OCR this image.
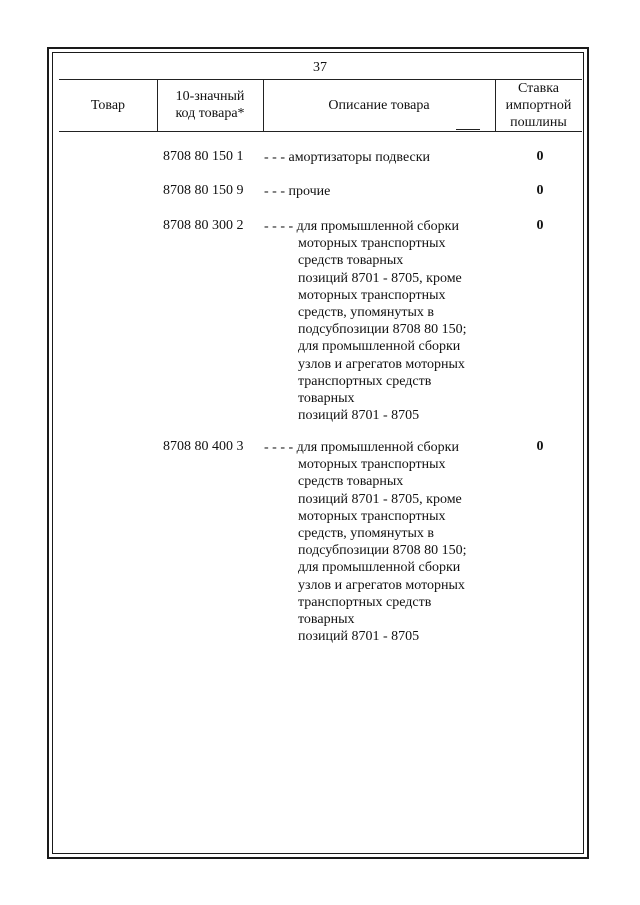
37
Товар
10-значный
код товара*
Описание товара
Ставка
импортной
пошлины
8708 80 150 1 - - - амортизаторы подвески	0
8708 80 150 9 - - - прочие	0
8708 80 300 2 - - - - для промышленной сборки
моторных транспортных
средств товарных
позиций 8701 - 8705, кроме
моторных транспортных
средств, упомянутых в
подсубпозиции 8708 80 150;
для промышленной сборки
узлов и агрегатов моторных
транспортных средств
товарных
позиций 8701 - 8705
0
8708 80 400 3 - - - - для промышленной сборки
моторных транспортных
средств товарных
позиций 8701 - 8705, кроме
моторных транспортных
средств, упомянутых в
подсубпозиции 8708 80 150;
для промышленной сборки
узлов и агрегатов моторных
транспортных средств
товарных
позиций 8701 - 8705
0
